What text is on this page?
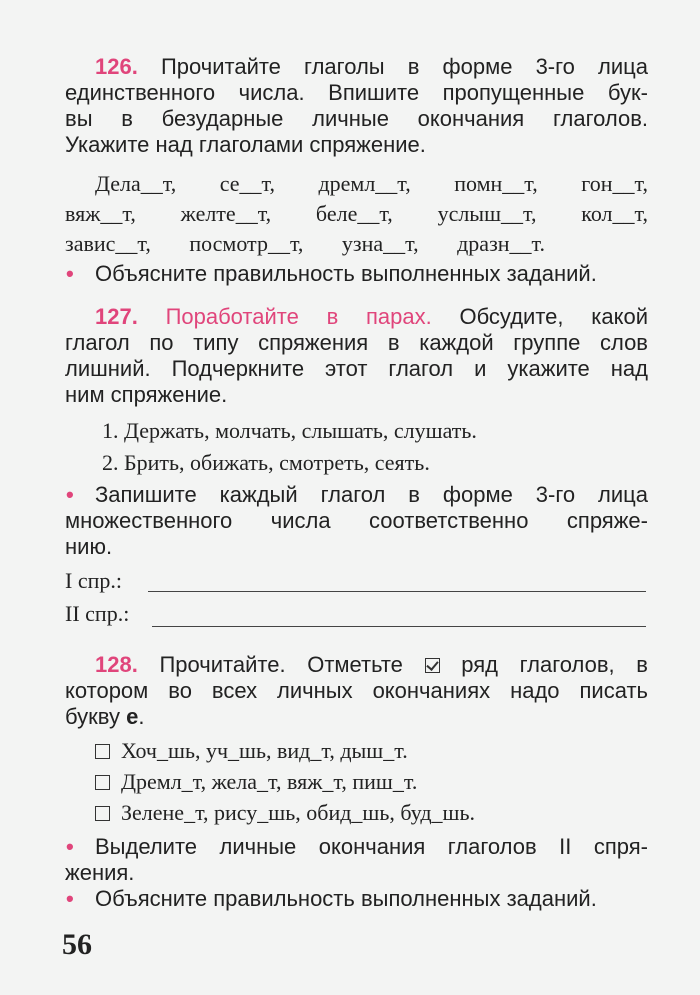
126. Прочитайте глаголы в форме 3-го лица
единственного числа. Впишите пропущенные бук-
вы в безударные личные окончания глаголов.
Укажите над глаголами спряжение.
Дела__т, се__т, дремл__т, помн__т, гон__т,
вяж__т, желте__т, беле__т, услыш__т, кол__т,
завис__т, посмотр__т, узна__т, дразн__т.
• Объясните правильность выполненных заданий.
127. Поработайте в парах. Обсудите, какой
глагол по типу спряжения в каждой группе слов
лишний. Подчеркните этот глагол и укажите над
ним спряжение.
1. Держать, молчать, слышать, слушать.
2. Брить, обижать, смотреть, сеять.
• Запишите каждый глагол в форме 3-го лица
множественного числа соответственно спряже-
нию.
I спр.:
II спр.:
128. Прочитайте. Отметьте	ряд глаголов, в
котором во всех личных окончаниях надо писать
букву е.
Хоч_шь, уч_шь, вид_т, дыш_т.
Дремл_т, жела_т, вяж_т, пиш_т.
Зелене_т, рису_шь, обид_шь, буд_шь.
• Выделите личные окончания глаголов II спря-
жения.
• Объясните правильность выполненных заданий.
56
